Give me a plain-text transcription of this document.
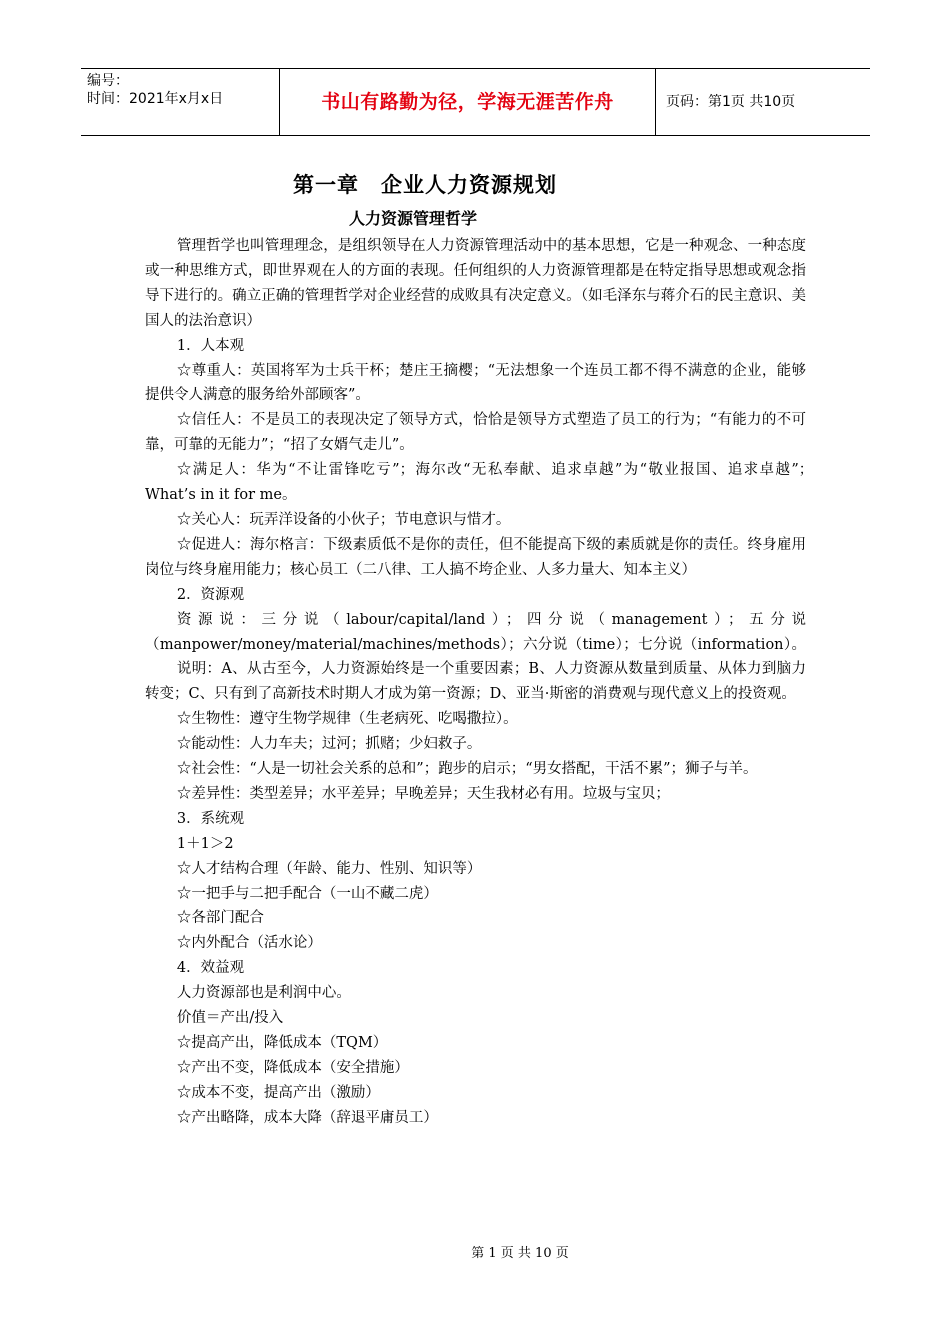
编号：
时间：2021年x月x日	书山有路勤为径，学海无涯苦作舟	页码：第1页 共10页
第一章　企业人力资源规划
人力资源管理哲学

管理哲学也叫管理理念，是组织领导在人力资源管理活动中的基本思想，它是一种观念、一种态度或一种思维方式，即世界观在人的方面的表现。任何组织的人力资源管理都是在特定指导思想或观念指导下进行的。确立正确的管理哲学对企业经营的成败具有决定意义。（如毛泽东与蒋介石的民主意识、美国人的法治意识）

1．人本观

☆尊重人：英国将军为士兵干杯；楚庄王摘樱；“无法想象一个连员工都不得不满意的企业，能够提供令人满意的服务给外部顾客”。

☆信任人：不是员工的表现决定了领导方式，恰恰是领导方式塑造了员工的行为；“有能力的不可靠，可靠的无能力”；“招了女婿气走儿”。

☆满足人：华为“不让雷锋吃亏”；海尔改“无私奉献、追求卓越”为“敬业报国、追求卓越”；　What’s in it for me。

☆关心人：玩弄洋设备的小伙子；节电意识与惜才。

☆促进人：海尔格言：下级素质低不是你的责任，但不能提高下级的素质就是你的责任。终身雇用岗位与终身雇用能力；核心员工（二八律、工人搞不垮企业、人多力量大、知本主义）

2．资源观

资源说：三分说（labour/capital/land）；四分说（management）；五分说（manpower/money/material/machines/methods）；六分说（time）；七分说（information）。

说明：A、从古至今，人力资源始终是一个重要因素；B、人力资源从数量到质量、从体力到脑力转变；C、只有到了高新技术时期人才成为第一资源；D、亚当·斯密的消费观与现代意义上的投资观。

☆生物性：遵守生物学规律（生老病死、吃喝撒拉）。

☆能动性：人力车夫；过河；抓赌；少妇救子。

☆社会性：“人是一切社会关系的总和”；跑步的启示；“男女搭配，干活不累”；狮子与羊。

☆差异性：类型差异；水平差异；早晚差异；天生我材必有用。垃圾与宝贝；

3．系统观

1＋1＞2

☆人才结构合理（年龄、能力、性别、知识等）

☆一把手与二把手配合（一山不藏二虎）

☆各部门配合

☆内外配合（活水论）

4．效益观

人力资源部也是利润中心。

价值＝产出/投入

☆提高产出，降低成本（TQM）

☆产出不变，降低成本（安全措施）

☆成本不变，提高产出（激励）

☆产出略降，成本大降（辞退平庸员工）

第 1 页 共 10 页
